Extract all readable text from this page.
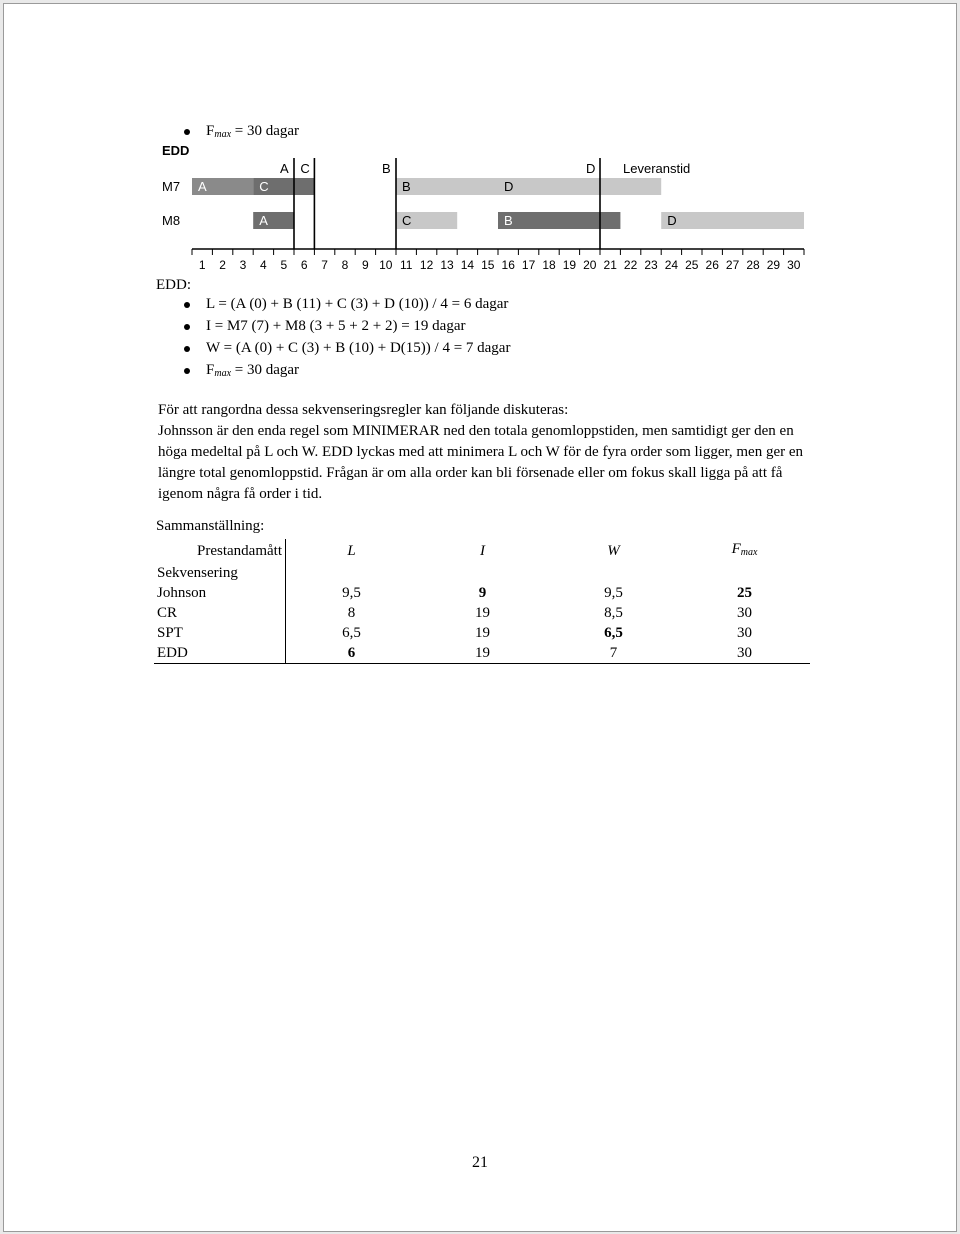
$F_{max} = 30$ dagar
EDD
M7 A	C	B	D
M8	A	C	B	D
A C	B	D Leveranstid
1 2 3 4 5 6 7 8 9 10 11 12 13 14 15 16 17 18 19 20 21 22 23 24 25 26 27 28 29 30
EDD:
L = (A (0) + B (11) + C (3) + D (10)) / 4 = 6 dagar
I = M7 (7) + M8 (3 + 5 + 2 + 2) = 19 dagar
W = (A (0) + C (3) + B (10) + D(15)) / 4 = 7 dagar
$F_{max} = 30$ dagar

För att rangordna dessa sekvenseringsregler kan följande diskuteras:

Johnsson är den enda regel som MINIMERAR ned den totala genomloppstiden, men samtidigt ger den en höga medeltal på L och W. EDD lyckas med att minimera L och W för de fyra order som ligger, men ger en längre total genomloppstid. Frågan är om alla order kan bli försenade eller om fokus skall ligga på att få igenom några få order i tid.

Sammanställning:
Prestandamått	L	I	W	$F_{max}$
Sekvensering				
Johnson	9,5	9	9,5	25
CR	8	19	8,5	30
SPT	6,5	19	6,5	30
EDD	6	19	7	30
21
